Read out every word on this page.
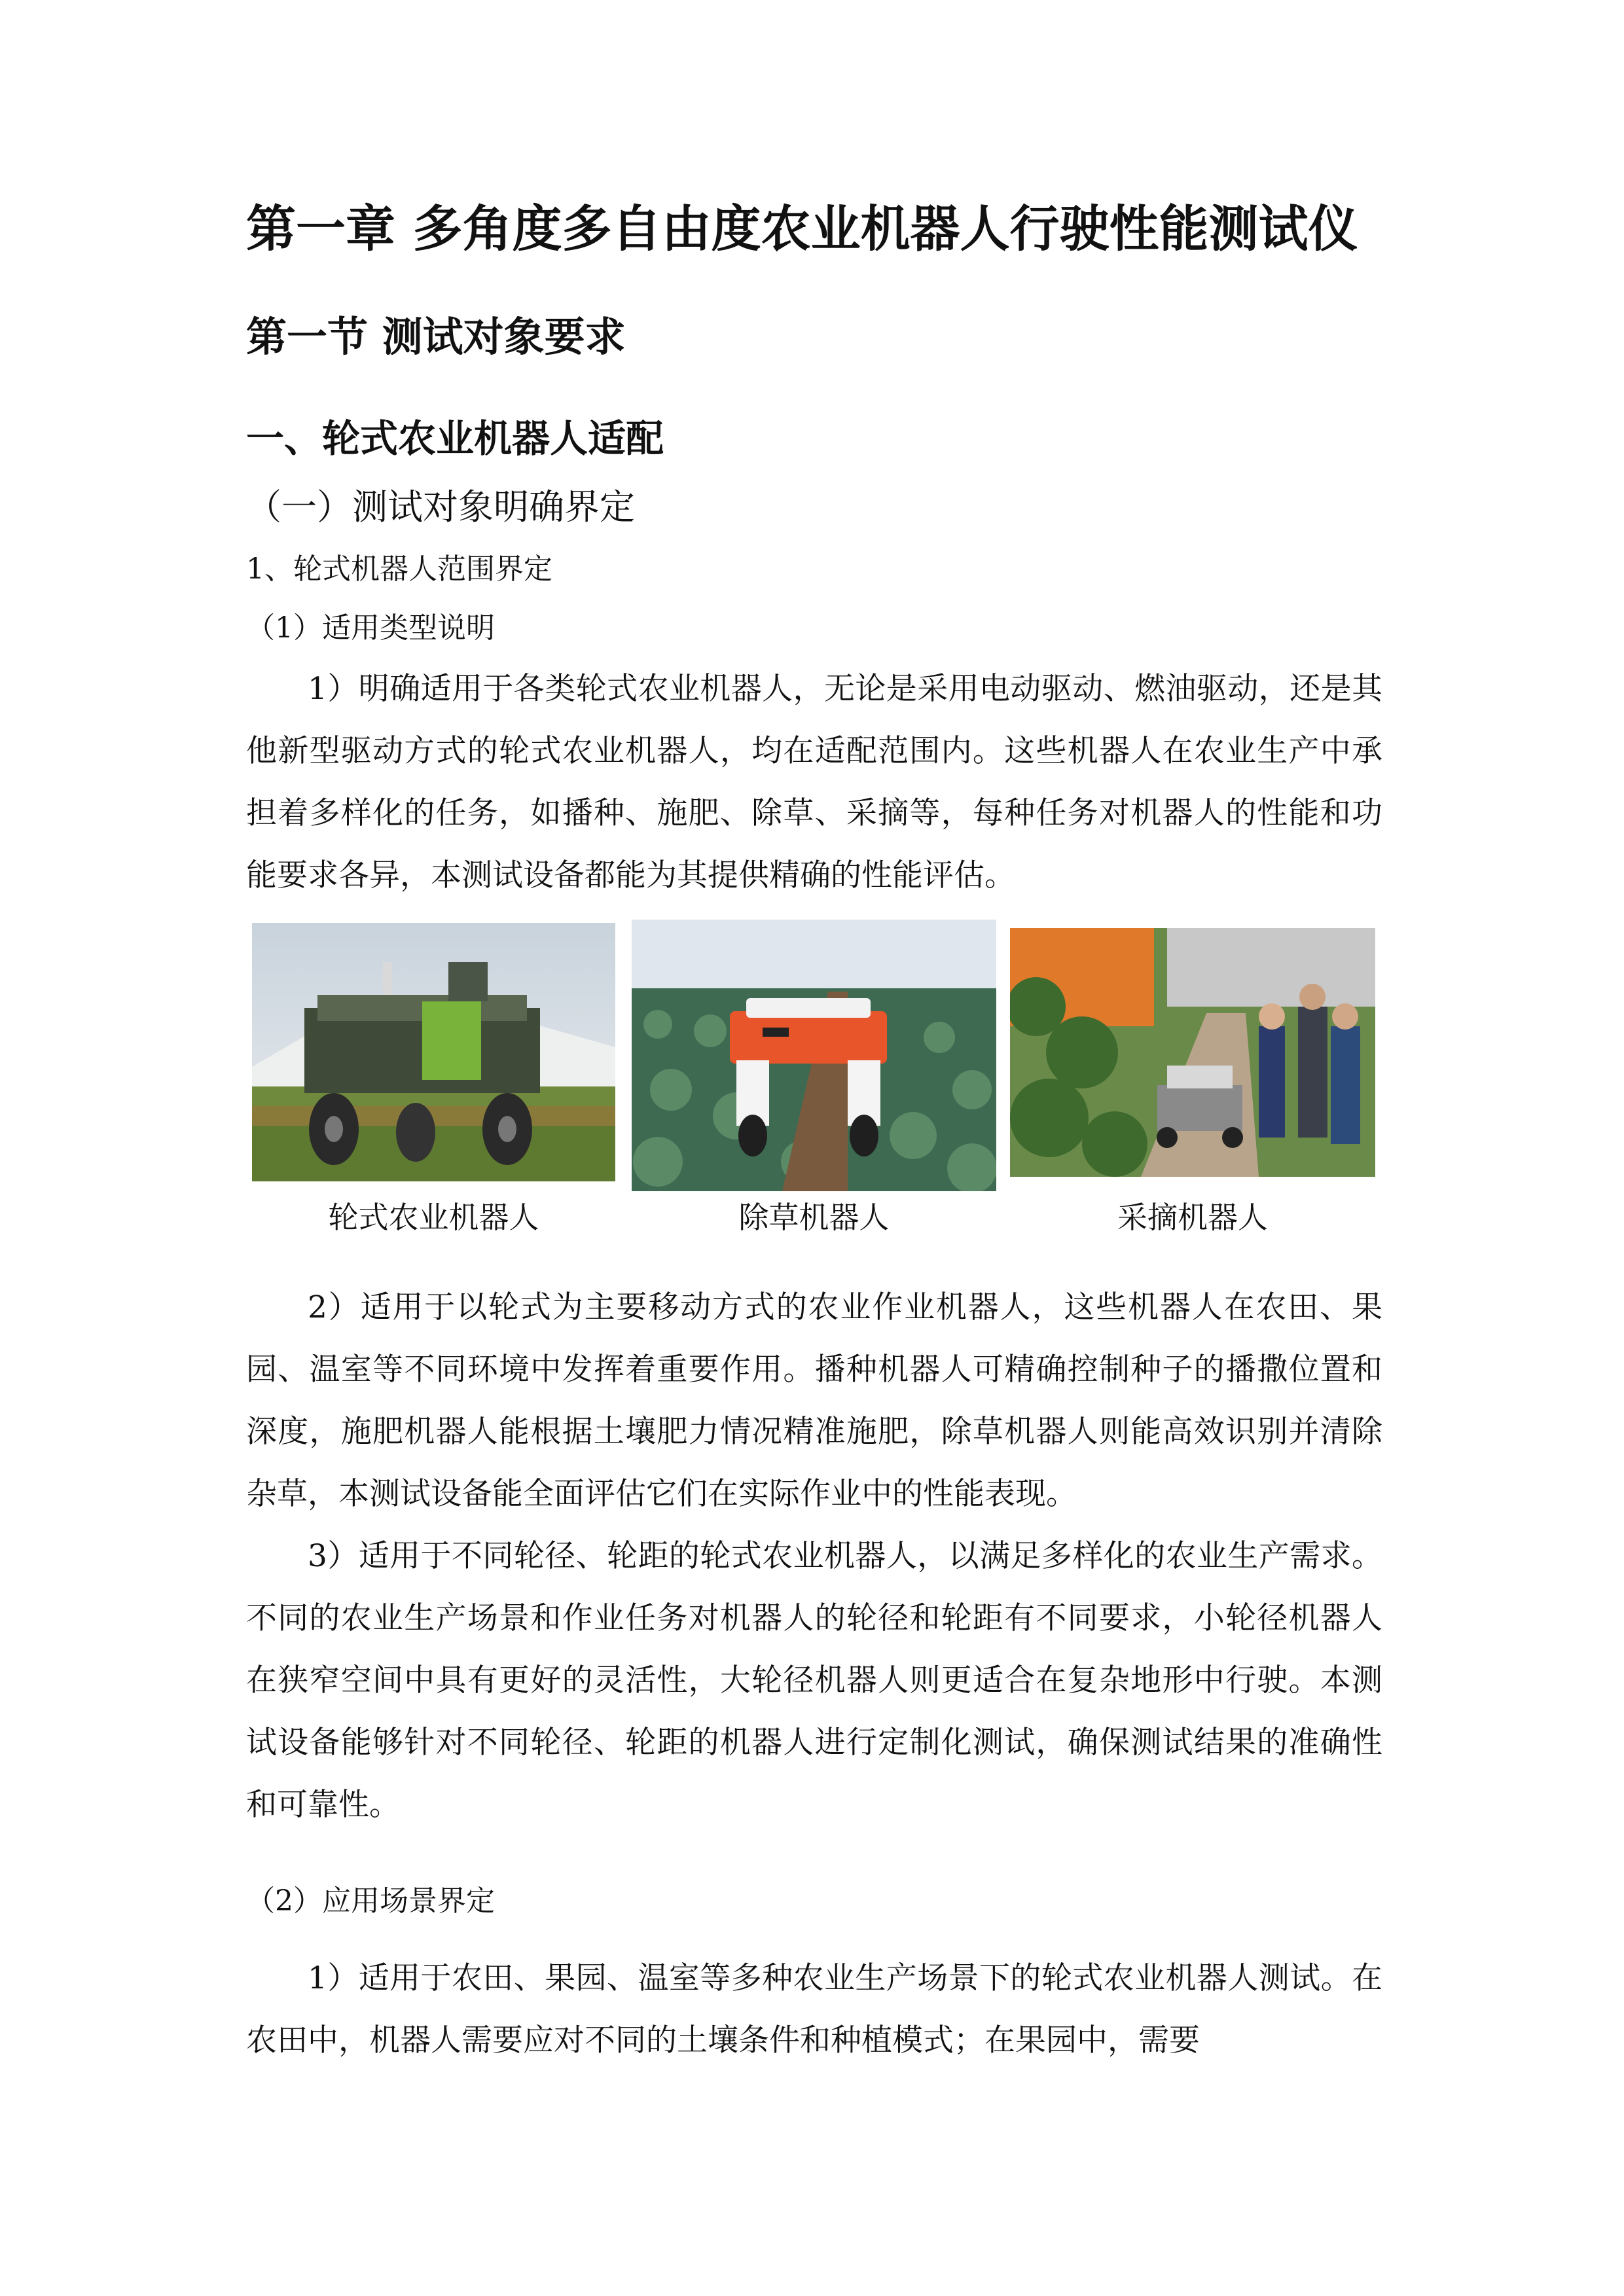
第一章 多角度多自由度农业机器人行驶性能测试仪
第一节 测试对象要求
一、轮式农业机器人适配
（一）测试对象明确界定
1、轮式机器人范围界定
（1）适用类型说明

1）明确适用于各类轮式农业机器人，无论是采用电动驱动、燃油驱动，还是其他新型驱动方式的轮式农业机器人，均在适配范围内。这些机器人在农业生产中承担着多样化的任务，如播种、施肥、除草、采摘等，每种任务对机器人的性能和功能要求各异，本测试设备都能为其提供精确的性能评估。

轮式农业机器人	除草机器人	采摘机器人

2）适用于以轮式为主要移动方式的农业作业机器人，这些机器人在农田、果园、温室等不同环境中发挥着重要作用。播种机器人可精确控制种子的播撒位置和深度，施肥机器人能根据土壤肥力情况精准施肥，除草机器人则能高效识别并清除杂草，本测试设备能全面评估它们在实际作业中的性能表现。

3）适用于不同轮径、轮距的轮式农业机器人，以满足多样化的农业生产需求。不同的农业生产场景和作业任务对机器人的轮径和轮距有不同要求，小轮径机器人在狭窄空间中具有更好的灵活性，大轮径机器人则更适合在复杂地形中行驶。本测试设备能够针对不同轮径、轮距的机器人进行定制化测试，确保测试结果的准确性和可靠性。

（2）应用场景界定

1）适用于农田、果园、温室等多种农业生产场景下的轮式农业机器人测试。在农田中，机器人需要应对不同的土壤条件和种植模式；在果园中，需要
